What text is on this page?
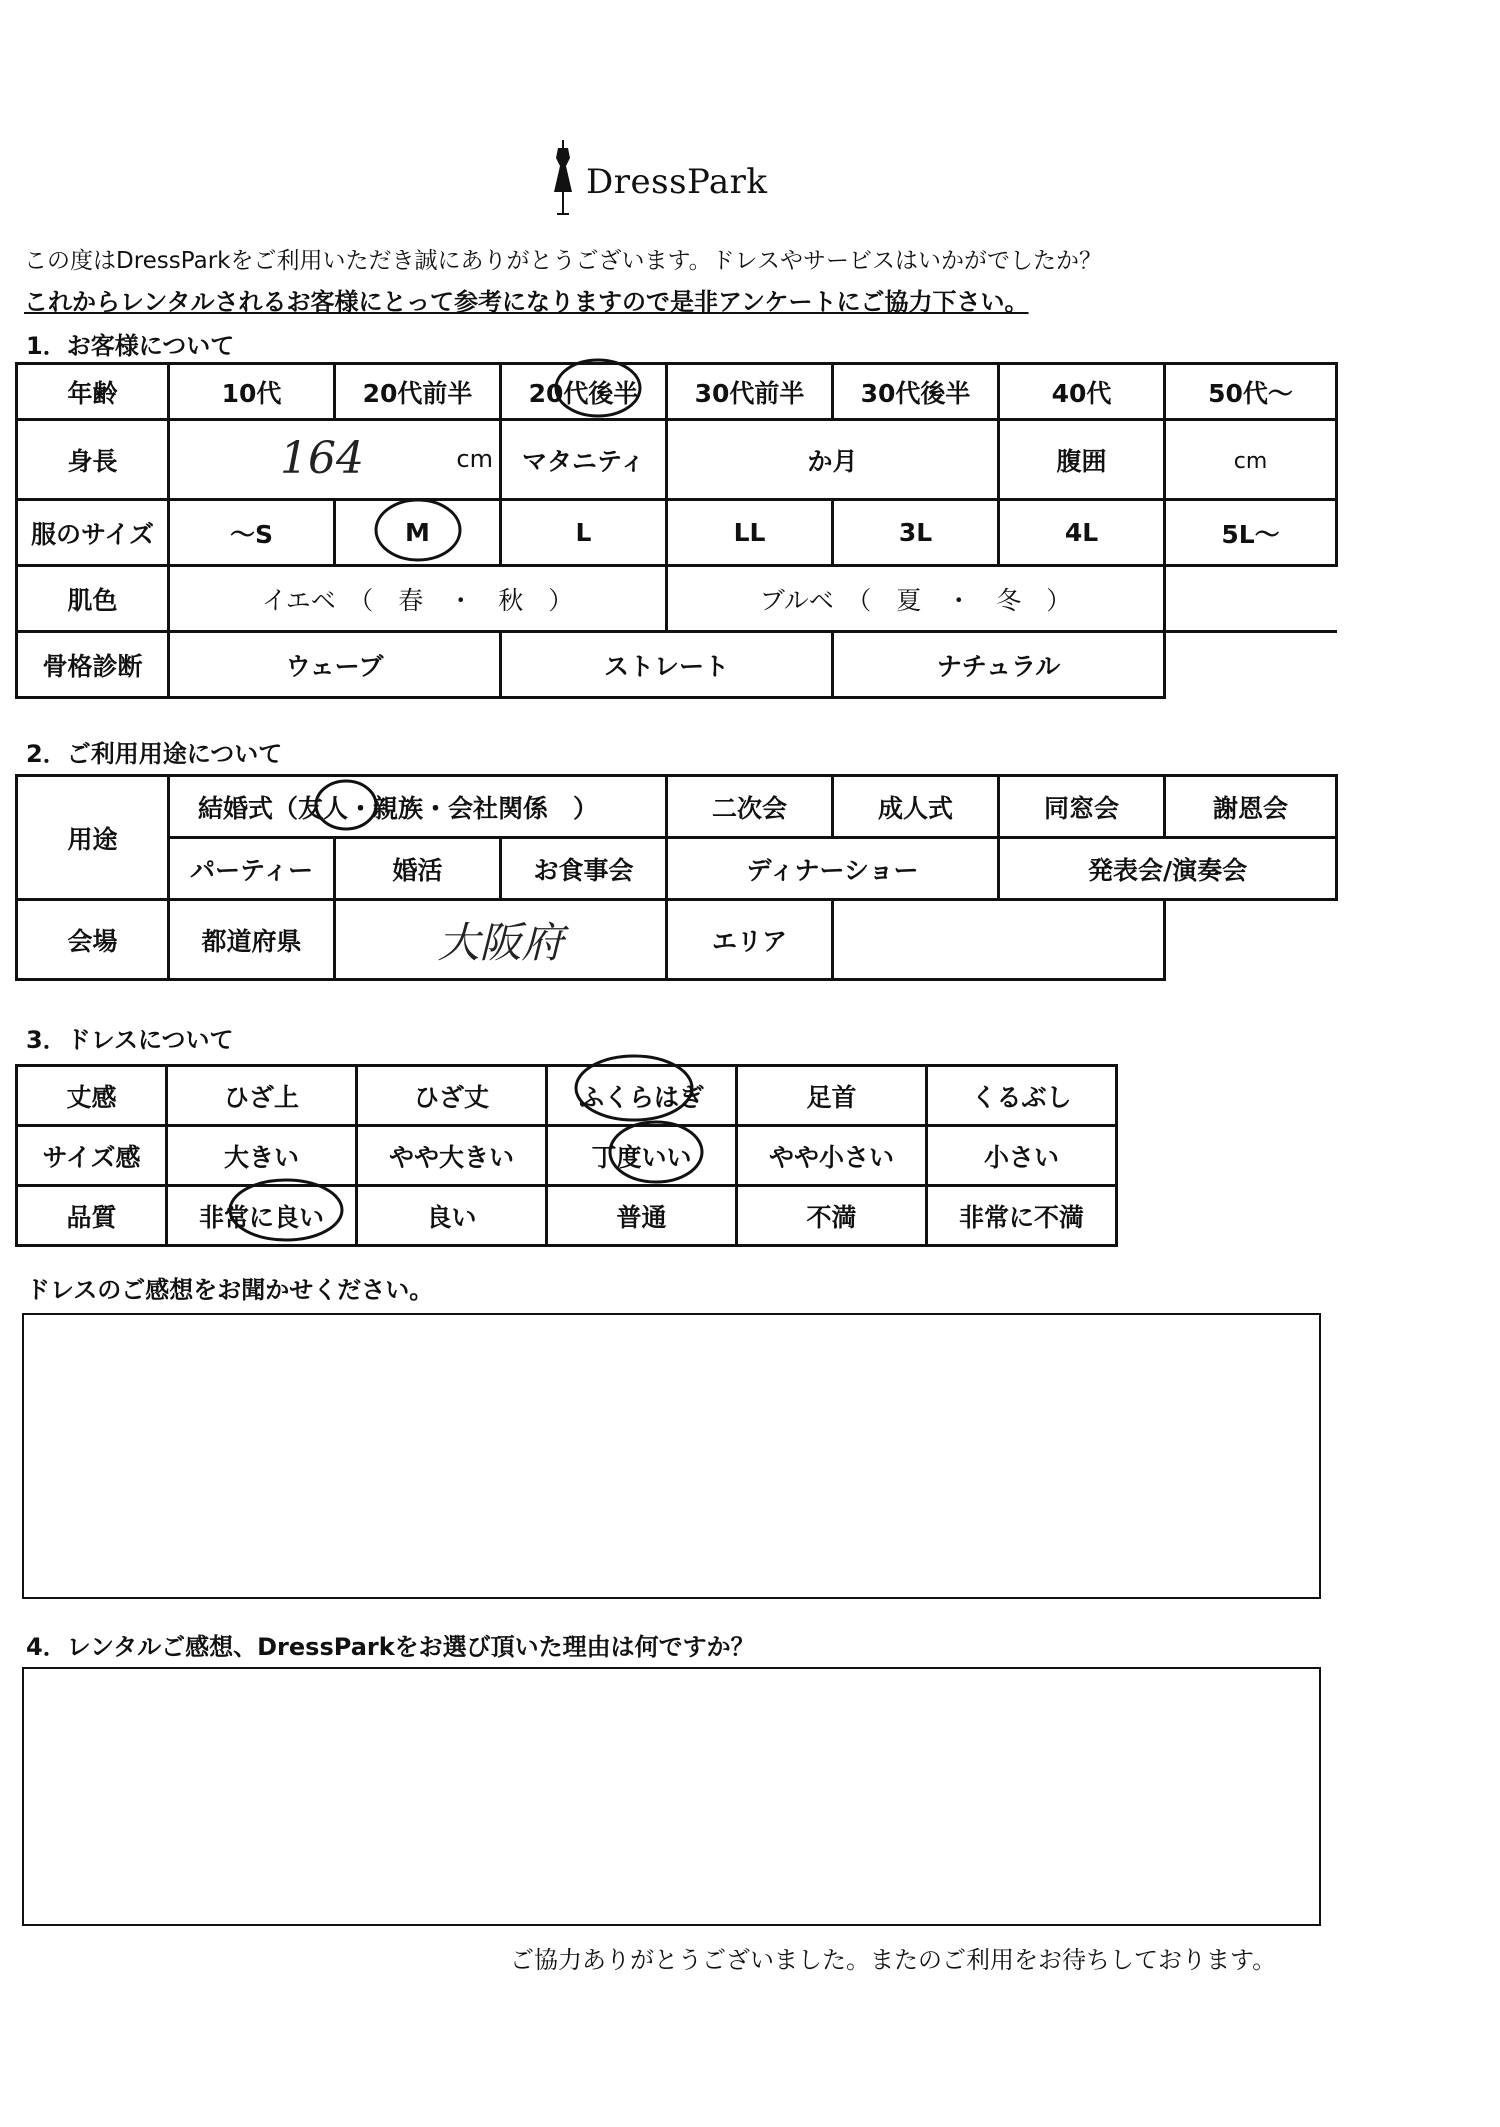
DressPark
この度はDressParkをご利用いただき誠にありがとうございます。ドレスやサービスはいかがでしたか？
これからレンタルされるお客様にとって参考になりますので是非アンケートにご協力下さい。
1．お客様について
年齢	10代	20代前半	20代後半	30代前半	30代後半	40代	50代～
身長	164 cm		マタニティ	か月		腹囲	cm
服のサイズ	～S	M	L	LL	3L	4L	5L～
肌色	イエベ　（　春　・　秋　）			ブルベ　（　夏　・　冬　）			
骨格診断	ウェーブ		ストレート		ナチュラル		
2．ご利用用途について
用途	結婚式（友人・親族・会社関係　）			二次会	成人式	同窓会	謝恩会
	パーティー	婚活	お食事会	ディナーショー		発表会/演奏会	
会場	都道府県	大阪府		エリア			
3．ドレスについて
丈感	ひざ上	ひざ丈	ふくらはぎ	足首	くるぶし
サイズ感	大きい	やや大きい	丁度いい	やや小さい	小さい
品質	非常に良い	良い	普通	不満	非常に不満
ドレスのご感想をお聞かせください。
4．レンタルご感想、DressParkをお選び頂いた理由は何ですか？
ご協力ありがとうございました。またのご利用をお待ちしております。
